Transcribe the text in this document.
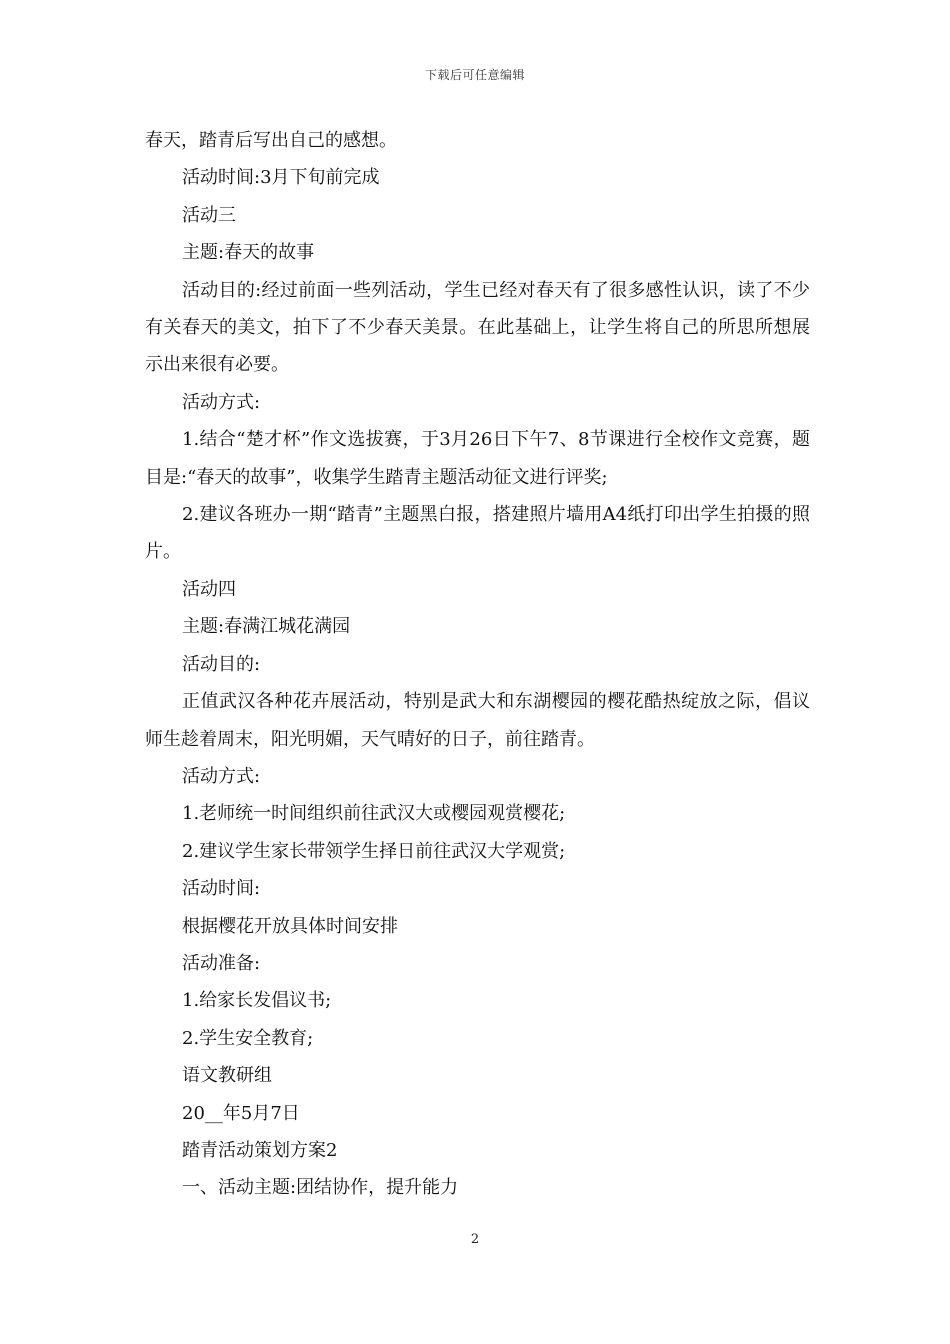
下载后可任意编辑

春天，踏青后写出自己的感想。

活动时间:3月下旬前完成

活动三

主题:春天的故事

活动目的:经过前面一些列活动，学生已经对春天有了很多感性认识，读了不少有关春天的美文，拍下了不少春天美景。在此基础上，让学生将自己的所思所想展示出来很有必要。

活动方式:

1.结合“楚才杯”作文选拔赛，于3月26日下午7、8节课进行全校作文竞赛，题目是:“春天的故事”，收集学生踏青主题活动征文进行评奖;

2.建议各班办一期“踏青”主题黑白报，搭建照片墙用A4纸打印出学生拍摄的照片。

活动四

主题:春满江城花满园

活动目的:

正值武汉各种花卉展活动，特别是武大和东湖樱园的樱花酷热绽放之际，倡议师生趁着周末，阳光明媚，天气晴好的日子，前往踏青。

活动方式:

1.老师统一时间组织前往武汉大或樱园观赏樱花;

2.建议学生家长带领学生择日前往武汉大学观赏;

活动时间:

根据樱花开放具体时间安排

活动准备:

1.给家长发倡议书;

2.学生安全教育;

语文教研组

20__年5月7日

踏青活动策划方案2

一、活动主题:团结协作，提升能力

2
